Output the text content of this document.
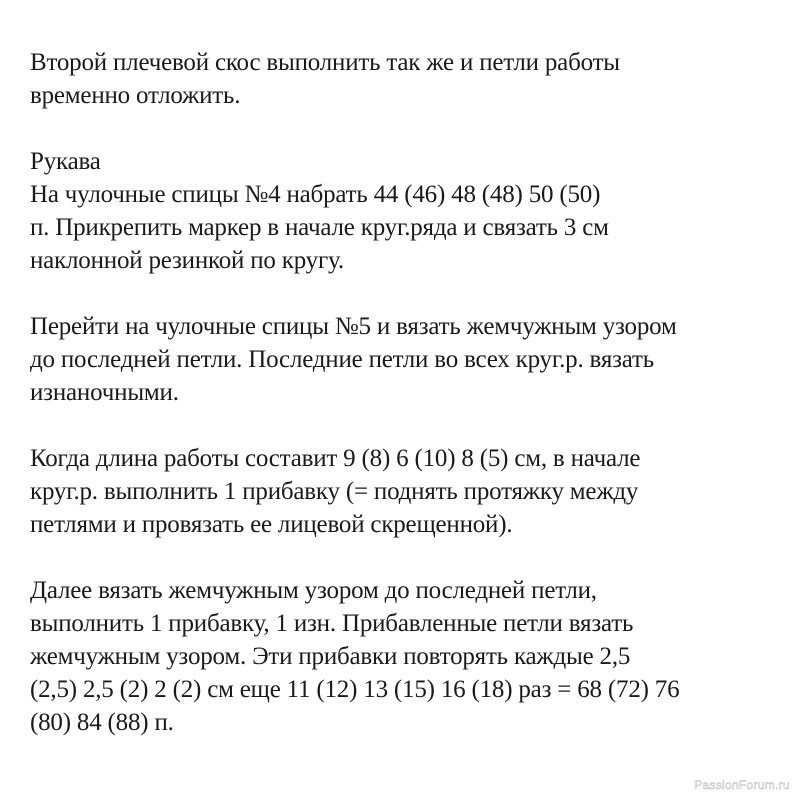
Второй плечевой скос выполнить так же и петли работы
временно отложить.

Рукава
На чулочные спицы №4 набрать 44 (46) 48 (48) 50 (50)
п. Прикрепить маркер в начале круг.ряда и связать 3 см
наклонной резинкой по кругу.

Перейти на чулочные спицы №5 и вязать жемчужным узором
до последней петли. Последние петли во всех круг.р. вязать
изнаночными.

Когда длина работы составит 9 (8) 6 (10) 8 (5) см, в начале
круг.р. выполнить 1 прибавку (= поднять протяжку между
петлями и провязать ее лицевой скрещенной).

Далее вязать жемчужным узором до последней петли,
выполнить 1 прибавку, 1 изн. Прибавленные петли вязать
жемчужным узором. Эти прибавки повторять каждые 2,5
(2,5) 2,5 (2) 2 (2) см еще 11 (12) 13 (15) 16 (18) раз = 68 (72) 76
(80) 84 (88) п.

PassionForum.ru
